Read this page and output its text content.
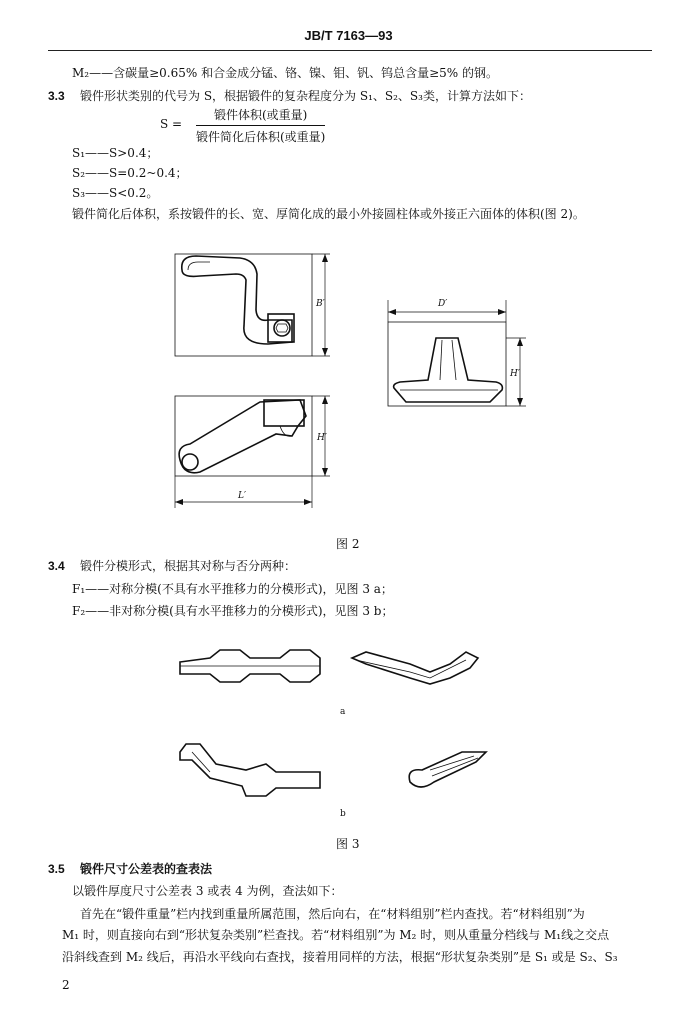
JB/T 7163—93
M₂——含碳量≥0.65% 和合金成分锰、铬、镍、钼、钒、钨总含量≥5% 的钢。
3.3 锻件形状类别的代号为 S，根据锻件的复杂程度分为 S₁、S₂、S₃类，计算方法如下：
S =
锻件体积(或重量)
锻件简化后体积(或重量)
S₁——S>0.4；
S₂——S=0.2~0.4；
S₃——S<0.2。
锻件简化后体积，系按锻件的长、宽、厚简化成的最小外接圆柱体或外接正六面体的体积(图 2)。
B′
H′
L′
D′
H′
图 2
3.4 锻件分模形式，根据其对称与否分两种：
F₁——对称分模(不具有水平推移力的分模形式)，见图 3 a；
F₂——非对称分模(具有水平推移力的分模形式)，见图 3 b；
a
b
图 3
3.5 锻件尺寸公差表的查表法
以锻件厚度尺寸公差表 3 或表 4 为例，查法如下：
首先在“锻件重量”栏内找到重量所属范围，然后向右，在“材料组别”栏内查找。若“材料组别”为
M₁ 时，则直接向右到“形状复杂类别”栏查找。若“材料组别”为 M₂ 时，则从重量分档线与 M₁线之交点
沿斜线查到 M₂ 线后，再沿水平线向右查找，接着用同样的方法，根据“形状复杂类别”是 S₁ 或是 S₂、S₃
2
